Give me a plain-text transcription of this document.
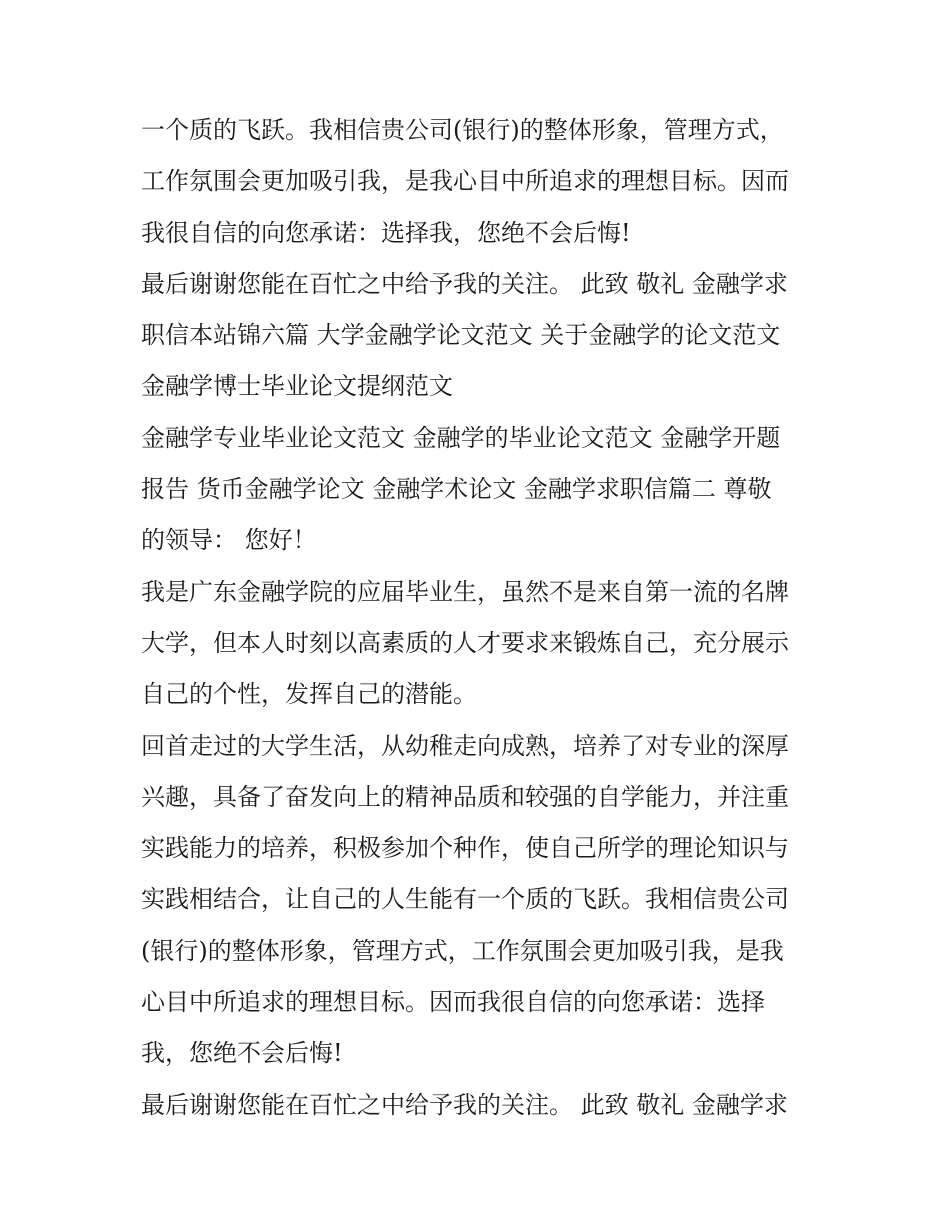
一个质的飞跃。我相信贵公司(银行)的整体形象，管理方式，
工作氛围会更加吸引我，是我心目中所追求的理想目标。因而
我很自信的向您承诺：选择我，您绝不会后悔!
最后谢谢您能在百忙之中给予我的关注。 此致 敬礼 金融学求
职信本站锦六篇 大学金融学论文范文 关于金融学的论文范文
金融学博士毕业论文提纲范文
金融学专业毕业论文范文 金融学的毕业论文范文 金融学开题
报告 货币金融学论文 金融学术论文 金融学求职信篇二 尊敬
的领导： 您好！
我是广东金融学院的应届毕业生，虽然不是来自第一流的名牌
大学，但本人时刻以高素质的人才要求来锻炼自己，充分展示
自己的个性，发挥自己的潜能。
回首走过的大学生活，从幼稚走向成熟，培养了对专业的深厚
兴趣，具备了奋发向上的精神品质和较强的自学能力，并注重
实践能力的培养，积极参加个种作，使自己所学的理论知识与
实践相结合，让自己的人生能有一个质的飞跃。我相信贵公司
(银行)的整体形象，管理方式，工作氛围会更加吸引我，是我
心目中所追求的理想目标。因而我很自信的向您承诺：选择
我，您绝不会后悔!
最后谢谢您能在百忙之中给予我的关注。 此致 敬礼 金融学求
